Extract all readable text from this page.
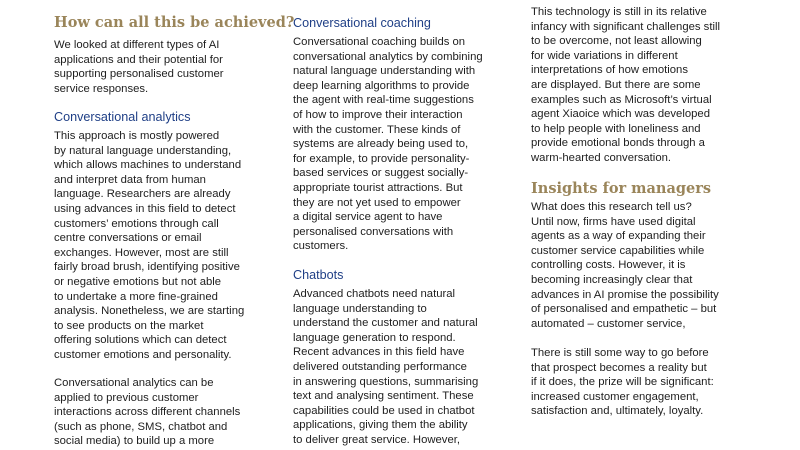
How can all this be achieved?
We looked at different types of AI
applications and their potential for
supporting personalised customer
service responses.
Conversational analytics
This approach is mostly powered
by natural language understanding,
which allows machines to understand
and interpret data from human
language. Researchers are already
using advances in this field to detect
customers’ emotions through call
centre conversations or email
exchanges. However, most are still
fairly broad brush, identifying positive
or negative emotions but not able
to undertake a more fine-grained
analysis. Nonetheless, we are starting
to see products on the market
offering solutions which can detect
customer emotions and personality.
Conversational analytics can be
applied to previous customer
interactions across different channels
(such as phone, SMS, chatbot and
social media) to build up a more
Conversational coaching
Conversational coaching builds on
conversational analytics by combining
natural language understanding with
deep learning algorithms to provide
the agent with real-time suggestions
of how to improve their interaction
with the customer. These kinds of
systems are already being used to,
for example, to provide personality-
based services or suggest socially-
appropriate tourist attractions. But
they are not yet used to empower
a digital service agent to have
personalised conversations with
customers.
Chatbots
Advanced chatbots need natural
language understanding to
understand the customer and natural
language generation to respond.
Recent advances in this field have
delivered outstanding performance
in answering questions, summarising
text and analysing sentiment. These
capabilities could be used in chatbot
applications, giving them the ability
to deliver great service. However,
This technology is still in its relative
infancy with significant challenges still
to be overcome, not least allowing
for wide variations in different
interpretations of how emotions
are displayed. But there are some
examples such as Microsoft’s virtual
agent Xiaoice which was developed
to help people with loneliness and
provide emotional bonds through a
warm-hearted conversation.
Insights for managers
What does this research tell us?
Until now, firms have used digital
agents as a way of expanding their
customer service capabilities while
controlling costs. However, it is
becoming increasingly clear that
advances in AI promise the possibility
of personalised and empathetic – but
automated – customer service,
There is still some way to go before
that prospect becomes a reality but
if it does, the prize will be significant:
increased customer engagement,
satisfaction and, ultimately, loyalty.
